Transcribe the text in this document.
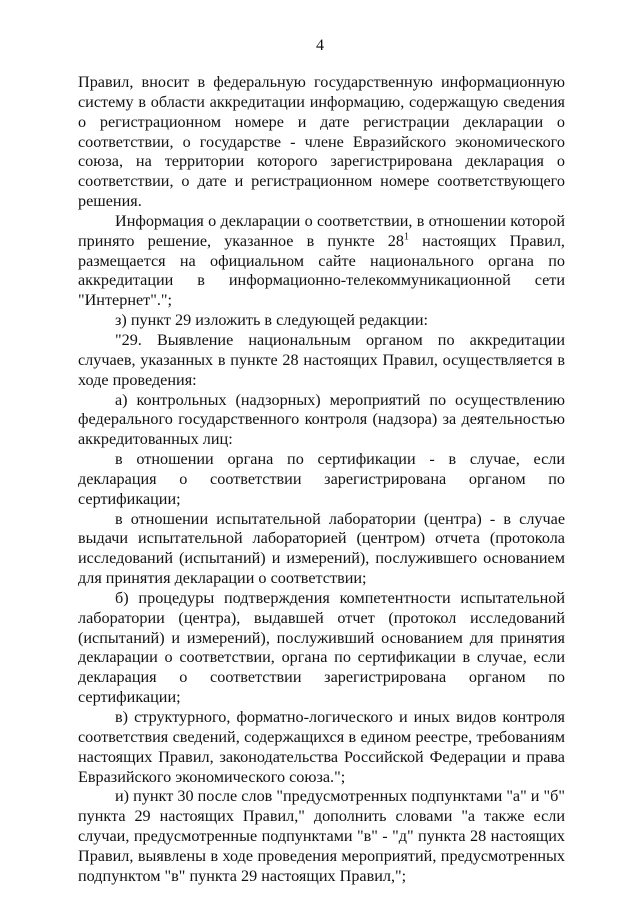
4

Правил, вносит в федеральную государственную информационную систему в области аккредитации информацию, содержащую сведения о регистрационном номере и дате регистрации декларации о соответствии, о государстве - члене Евразийского экономического союза, на территории которого зарегистрирована декларация о соответствии, о дате и регистрационном номере соответствующего решения.

Информация о декларации о соответствии, в отношении которой принято решение, указанное в пункте $28^1$ настоящих Правил, размещается на официальном сайте национального органа по аккредитации в информационно-телекоммуникационной сети "Интернет".";

з) пункт 29 изложить в следующей редакции:

"29. Выявление национальным органом по аккредитации случаев, указанных в пункте 28 настоящих Правил, осуществляется в ходе проведения:

а) контрольных (надзорных) мероприятий по осуществлению федерального государственного контроля (надзора) за деятельностью аккредитованных лиц:

в отношении органа по сертификации - в случае, если декларация о соответствии зарегистрирована органом по сертификации;

в отношении испытательной лаборатории (центра) - в случае выдачи испытательной лабораторией (центром) отчета (протокола исследований (испытаний) и измерений), послужившего основанием для принятия декларации о соответствии;

б) процедуры подтверждения компетентности испытательной лаборатории (центра), выдавшей отчет (протокол исследований (испытаний) и измерений), послуживший основанием для принятия декларации о соответствии, органа по сертификации в случае, если декларация о соответствии зарегистрирована органом по сертификации;

в) структурного, форматно-логического и иных видов контроля соответствия сведений, содержащихся в едином реестре, требованиям настоящих Правил, законодательства Российской Федерации и права Евразийского экономического союза.";

и) пункт 30 после слов "предусмотренных подпунктами "а" и "б" пункта 29 настоящих Правил," дополнить словами "а также если случаи, предусмотренные подпунктами "в" - "д" пункта 28 настоящих Правил, выявлены в ходе проведения мероприятий, предусмотренных подпунктом "в" пункта 29 настоящих Правил,";
